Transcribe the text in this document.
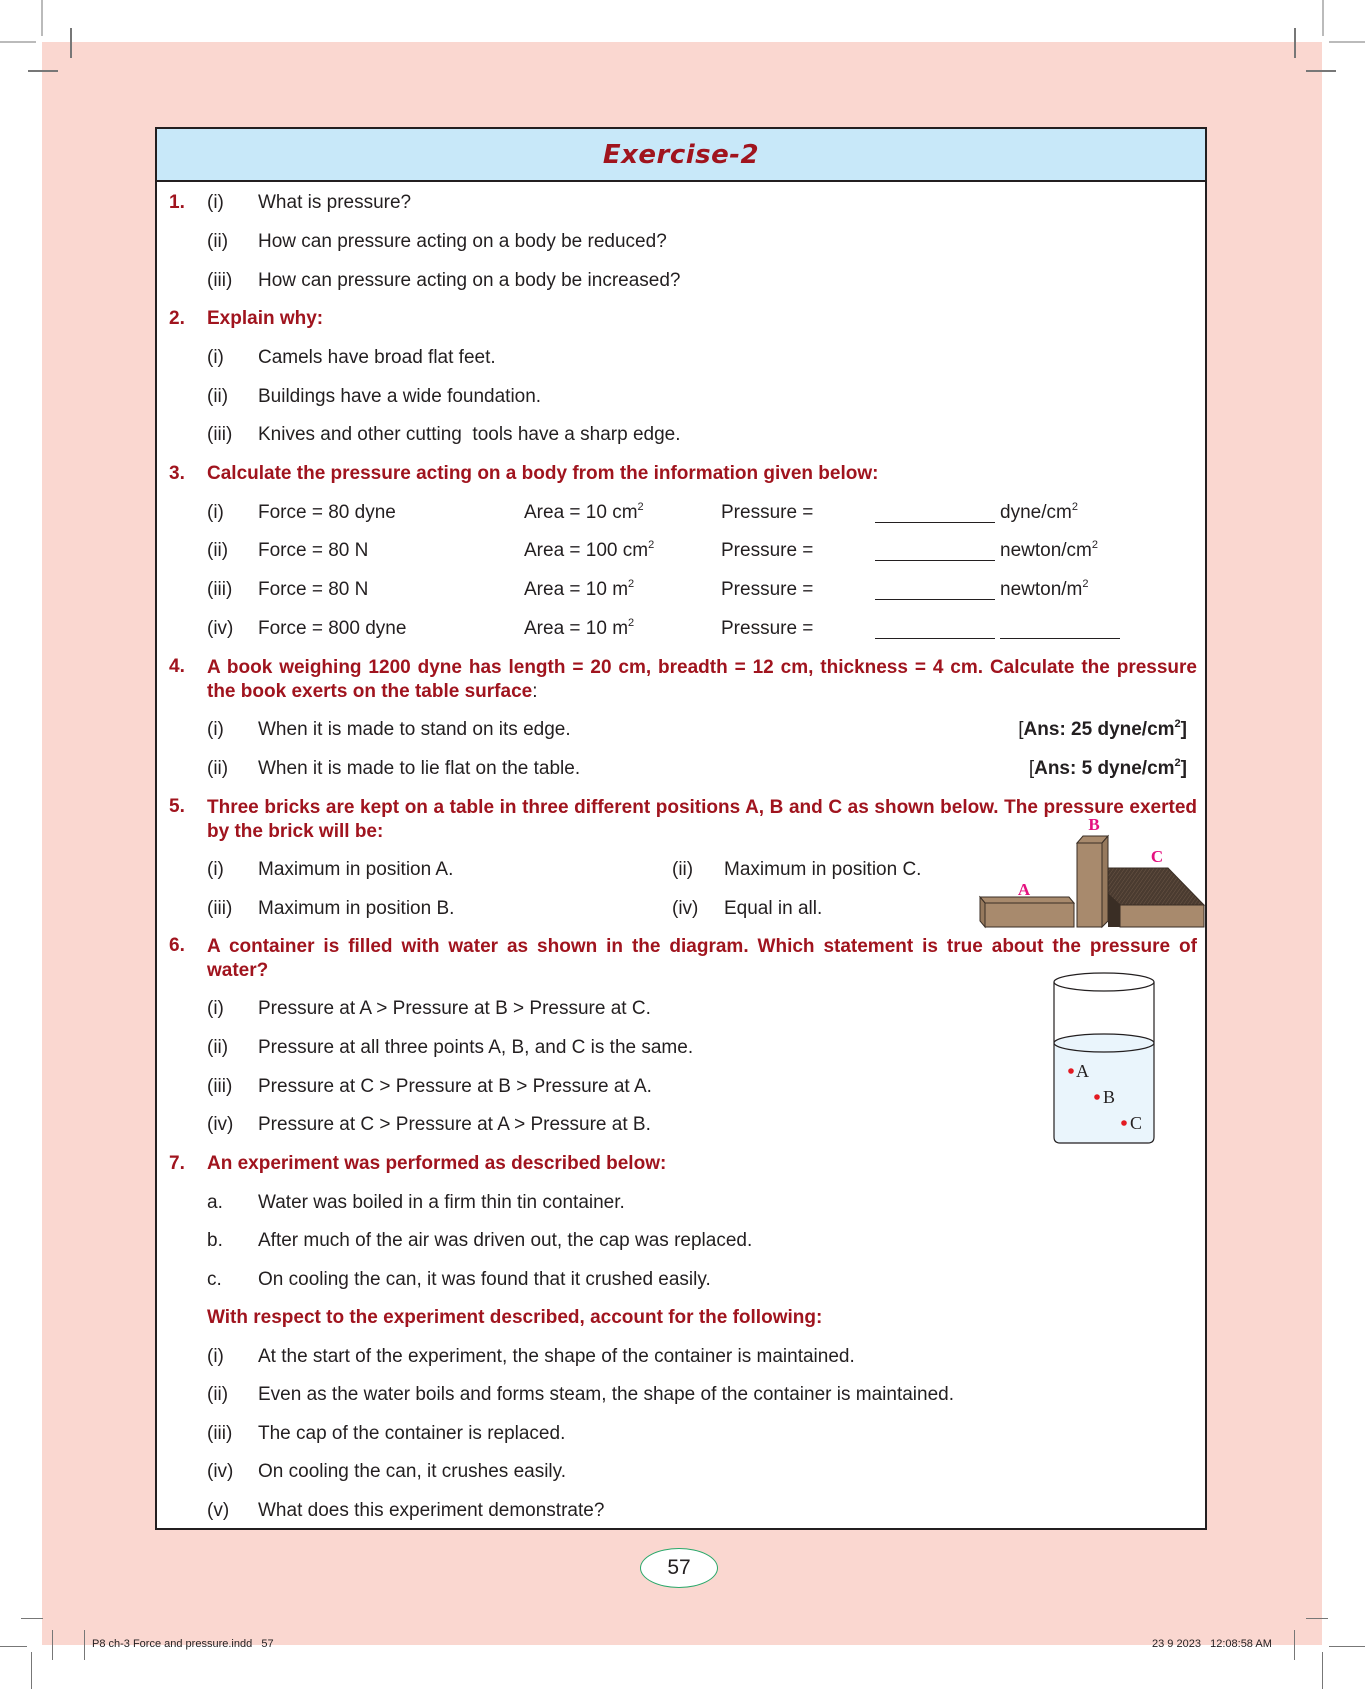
Exercise-2
1. (i) What is pressure?
(ii) How can pressure acting on a body be reduced?
(iii) How can pressure acting on a body be increased?
2. Explain why:
(i) Camels have broad flat feet.
(ii) Buildings have a wide foundation.
(iii) Knives and other cutting  tools have a sharp edge.
3. Calculate the pressure acting on a body from the information given below:
(i) Force = 80 dyne	Area = 10 $cm^2$	Pressure =	dyne/$cm^2$
(ii) Force = 80 N	Area = 100 $cm^2$	Pressure =	newton/$cm^2$
(iii) Force = 80 N	Area = 10 $m^2$	Pressure =	newton/$m^2$
(iv) Force = 800 dyne	Area = 10 $m^2$	Pressure =
4. A book weighing 1200 dyne has length = 20 cm, breadth = 12 cm, thickness = 4 cm. Calculate the pressure the book exerts on the table surface:
(i) When it is made to stand on its edge.	[Ans: 25 dyne/$cm^2$]
(ii) When it is made to lie flat on the table.	[Ans: 5 dyne/$cm^2$]
5. Three bricks are kept on a table in three different positions A, B and C as shown below. The pressure exerted by the brick will be:
(i) Maximum in position A.	(ii) Maximum in position C.
(iii) Maximum in position B.	(iv) Equal in all.
A
B
C
6. A container is filled with water as shown in the diagram. Which statement is true about the pressure of water?
(i) Pressure at A > Pressure at B > Pressure at C.
(ii) Pressure at all three points A, B, and C is the same.
(iii) Pressure at C > Pressure at B > Pressure at A.
(iv) Pressure at C > Pressure at A > Pressure at B.
A
B
C
7. An experiment was performed as described below:
a. Water was boiled in a firm thin tin container.
b. After much of the air was driven out, the cap was replaced.
c. On cooling the can, it was found that it crushed easily.
With respect to the experiment described, account for the following:
(i) At the start of the experiment, the shape of the container is maintained.
(ii) Even as the water boils and forms steam, the shape of the container is maintained.
(iii) The cap of the container is replaced.
(iv) On cooling the can, it crushes easily.
(v) What does this experiment demonstrate?
57
P8 ch-3 Force and pressure.indd   57	23 9 2023   12:08:58 AM
